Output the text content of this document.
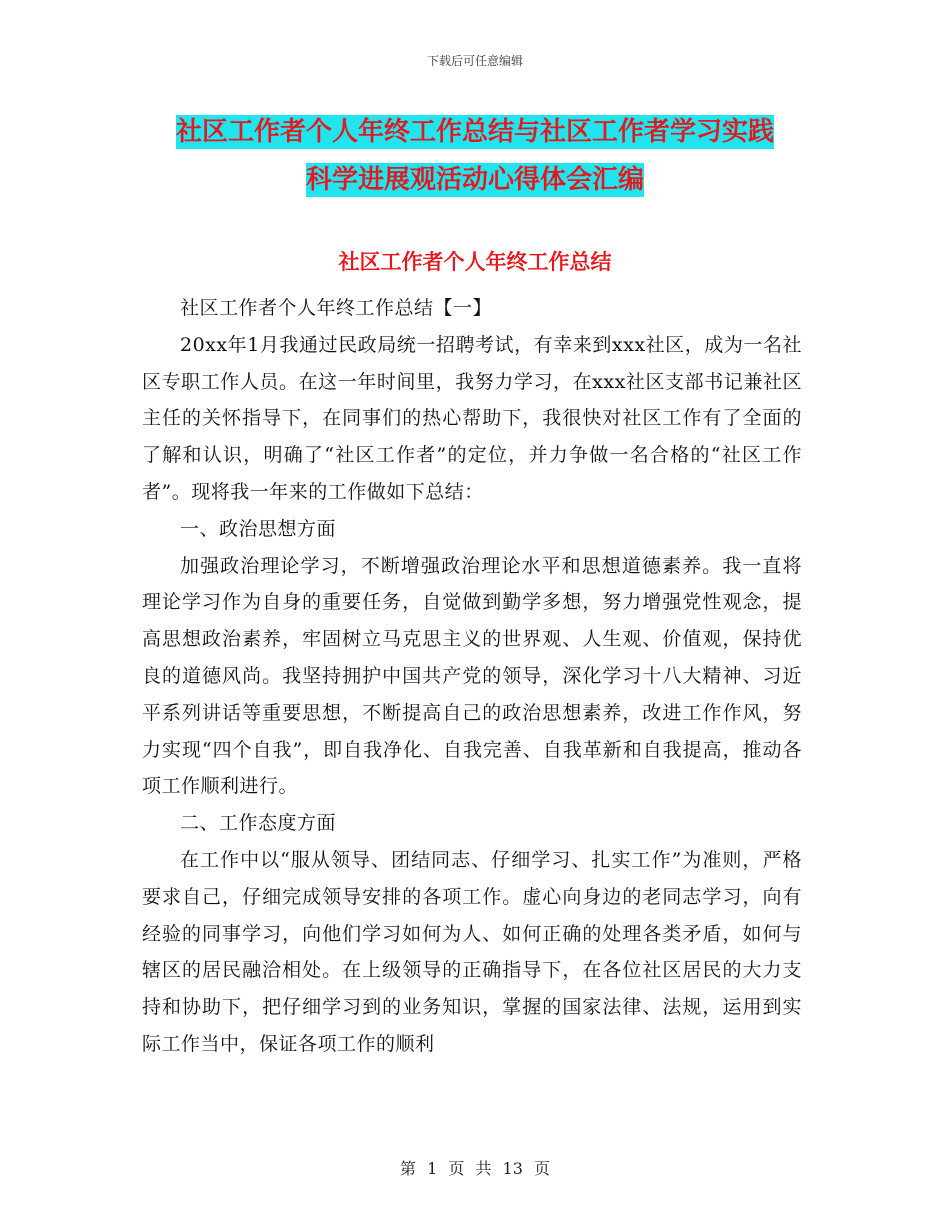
下载后可任意编辑
社区工作者个人年终工作总结与社区工作者学习实践
科学进展观活动心得体会汇编
社区工作者个人年终工作总结

社区工作者个人年终工作总结【一】

20xx年1月我通过民政局统一招聘考试，有幸来到xxx社区，成为一名社区专职工作人员。在这一年时间里，我努力学习，在xxx社区支部书记兼社区主任的关怀指导下，在同事们的热心帮助下，我很快对社区工作有了全面的了解和认识，明确了“社区工作者”的定位，并力争做一名合格的“社区工作者”。现将我一年来的工作做如下总结：

一、政治思想方面

加强政治理论学习，不断增强政治理论水平和思想道德素养。我一直将理论学习作为自身的重要任务，自觉做到勤学多想，努力增强党性观念，提高思想政治素养，牢固树立马克思主义的世界观、人生观、价值观，保持优良的道德风尚。我坚持拥护中国共产党的领导，深化学习十八大精神、习近平系列讲话等重要思想，不断提高自己的政治思想素养，改进工作作风，努力实现“四个自我”，即自我净化、自我完善、自我革新和自我提高，推动各项工作顺利进行。

二、工作态度方面

在工作中以“服从领导、团结同志、仔细学习、扎实工作”为准则，严格要求自己，仔细完成领导安排的各项工作。虚心向身边的老同志学习，向有经验的同事学习，向他们学习如何为人、如何正确的处理各类矛盾，如何与辖区的居民融洽相处。在上级领导的正确指导下，在各位社区居民的大力支持和协助下，把仔细学习到的业务知识，掌握的国家法律、法规，运用到实际工作当中，保证各项工作的顺利

第 1 页 共 13 页
